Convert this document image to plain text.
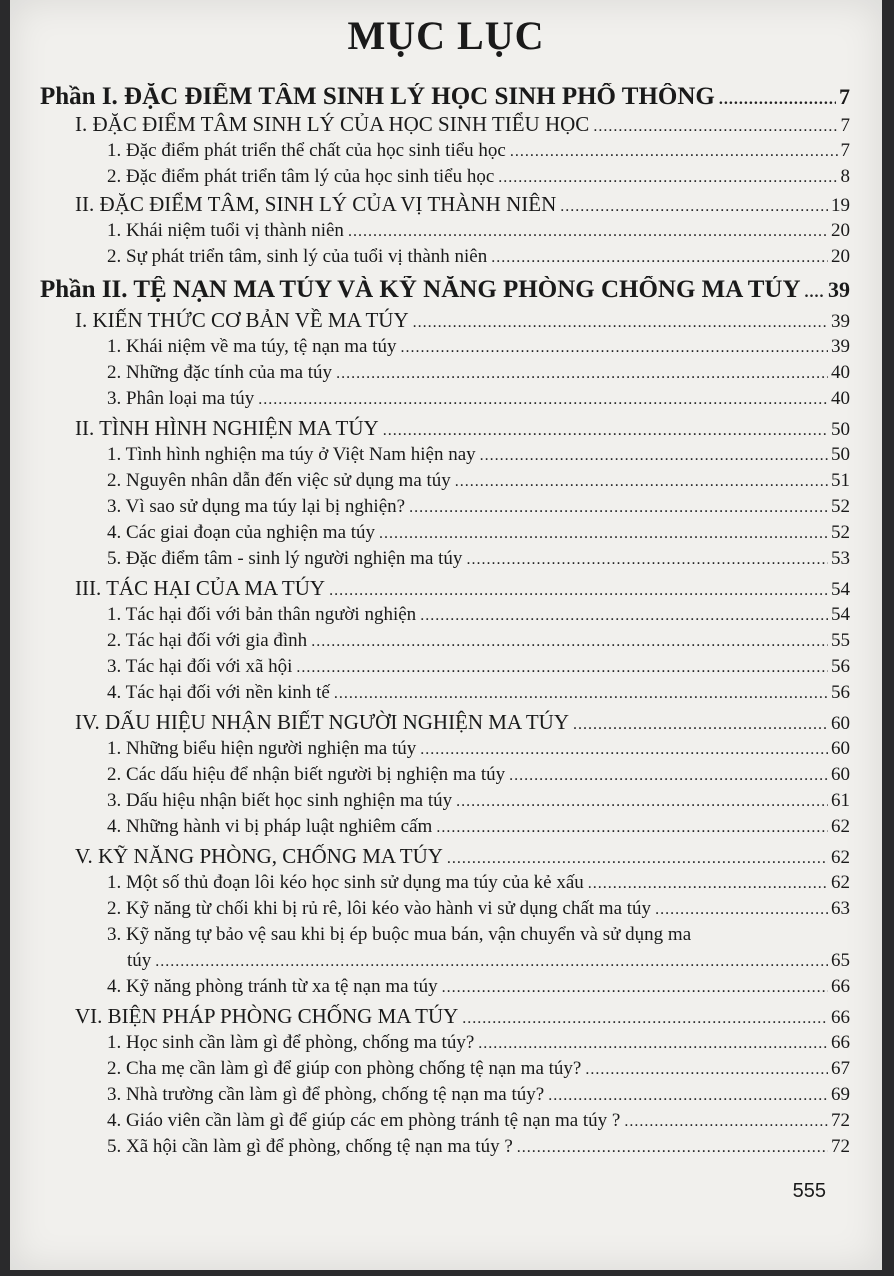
MỤC LỤC
Phần I. ĐẶC ĐIỂM TÂM SINH LÝ HỌC SINH PHỔ THÔNG .....	7
I. ĐẶC ĐIỂM TÂM SINH LÝ CỦA HỌC SINH TIỂU HỌC .....	7
1. Đặc điểm phát triển thể chất của học sinh tiểu học .....	7
2. Đặc điểm phát triển tâm lý của học sinh tiểu học .....	8
II. ĐẶC ĐIỂM TÂM, SINH LÝ CỦA VỊ THÀNH NIÊN .....	19
1. Khái niệm tuổi vị thành niên .....	20
2. Sự phát triển tâm, sinh lý của tuổi vị thành niên .....	20
Phần II. TỆ NẠN MA TÚY VÀ KỸ NĂNG PHÒNG CHỐNG MA TÚY ..... 39
I. KIẾN THỨC CƠ BẢN VỀ MA TÚY .....	39
1. Khái niệm về ma túy, tệ nạn ma túy .....	39
2. Những đặc tính của ma túy .....	40
3. Phân loại ma túy .....	40
II. TÌNH HÌNH NGHIỆN MA TÚY .....	50
1. Tình hình nghiện ma túy ở Việt Nam hiện nay .....	50
2. Nguyên nhân dẫn đến việc sử dụng ma túy .....	51
3. Vì sao sử dụng ma túy lại bị nghiện? .....	52
4. Các giai đoạn của nghiện ma túy .....	52
5. Đặc điểm tâm - sinh lý người nghiện ma túy .....	53
III. TÁC HẠI CỦA MA TÚY .....	54
1. Tác hại đối với bản thân người nghiện .....	54
2. Tác hại đối với gia đình .....	55
3. Tác hại đối với xã hội .....	56
4. Tác hại đối với nền kinh tế .....	56
IV. DẤU HIỆU NHẬN BIẾT NGƯỜI NGHIỆN MA TÚY .....	60
1. Những biểu hiện người nghiện ma túy .....	60
2. Các dấu hiệu để nhận biết người bị nghiện ma túy .....	60
3. Dấu hiệu nhận biết học sinh nghiện ma túy .....	61
4. Những hành vi bị pháp luật nghiêm cấm .....	62
V. KỸ NĂNG PHÒNG, CHỐNG MA TÚY .....	62
1. Một số thủ đoạn lôi kéo học sinh sử dụng ma túy của kẻ xấu .....	62
2. Kỹ năng từ chối khi bị rủ rê, lôi kéo vào hành vi sử dụng chất ma túy .....	63
3. Kỹ năng tự bảo vệ sau khi bị ép buộc mua bán, vận chuyển và sử dụng ma
túy .....	65
4. Kỹ năng phòng tránh từ xa tệ nạn ma túy .....	66
VI. BIỆN PHÁP PHÒNG CHỐNG MA TÚY .....	66
1. Học sinh cần làm gì để phòng, chống ma túy? .....	66
2. Cha mẹ cần làm gì để giúp con phòng chống tệ nạn ma túy? .....	67
3. Nhà trường cần làm gì để phòng, chống tệ nạn ma túy? .....	69
4. Giáo viên cần làm gì để giúp các em phòng tránh tệ nạn ma túy ? .....	72
5. Xã hội cần làm gì để phòng, chống tệ nạn ma túy ? .....	72
555
